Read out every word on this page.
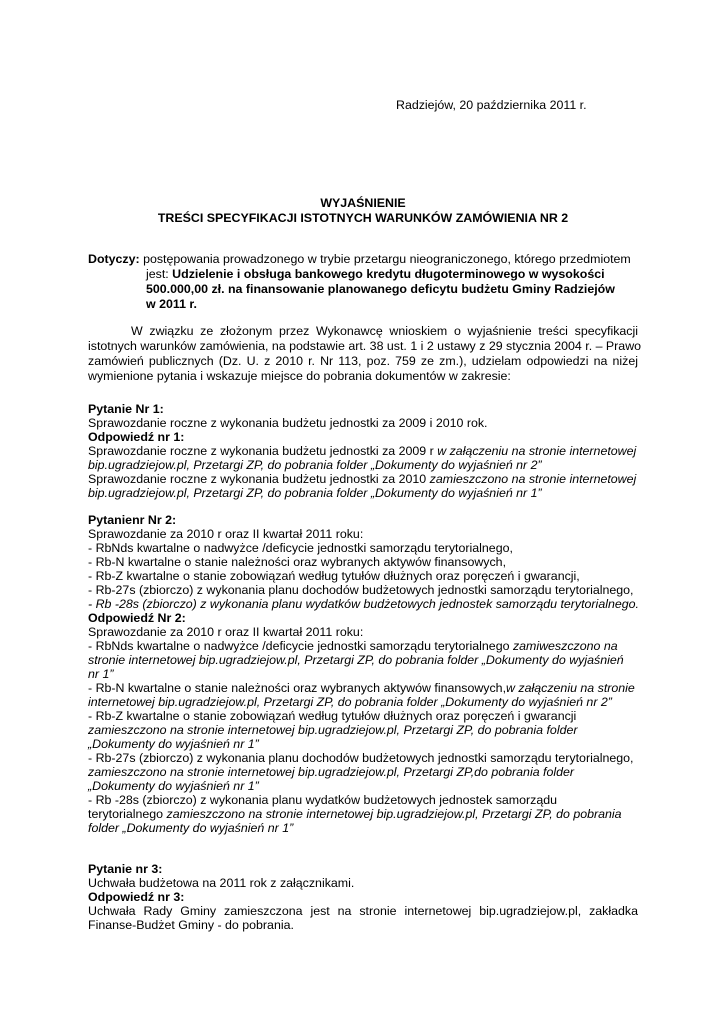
Radziejów, 20 października 2011 r.
WYJAŚNIENIE
TREŚCI SPECYFIKACJI ISTOTNYCH WARUNKÓW ZAMÓWIENIA NR 2
Dotyczy: postępowania prowadzonego w trybie przetargu nieograniczonego, którego przedmiotem
jest: Udzielenie i obsługa bankowego kredytu długoterminowego w wysokości
500.000,00 zł. na finansowanie planowanego deficytu budżetu Gminy Radziejów
w 2011 r.
W związku ze złożonym przez Wykonawcę wnioskiem o wyjaśnienie treści specyfikacji
istotnych warunków zamówienia, na podstawie art. 38 ust. 1 i 2 ustawy z 29 stycznia 2004 r. – Prawo
zamówień publicznych (Dz. U. z 2010 r. Nr 113, poz. 759 ze zm.), udzielam odpowiedzi na niżej
wymienione pytania i wskazuje miejsce do pobrania dokumentów w zakresie:
Pytanie Nr 1:
Sprawozdanie roczne z wykonania budżetu jednostki za 2009 i 2010 rok.
Odpowiedź nr 1:
Sprawozdanie roczne z wykonania budżetu jednostki za 2009 r w załączeniu na stronie internetowej
bip.ugradziejow.pl, Przetargi ZP, do pobrania folder „Dokumenty do wyjaśnień nr 2”
Sprawozdanie roczne z wykonania budżetu jednostki za 2010 zamieszczono na stronie internetowej
bip.ugradziejow.pl, Przetargi ZP, do pobrania folder „Dokumenty do wyjaśnień nr 1”
Pytanienr Nr 2:
Sprawozdanie za 2010 r oraz II kwartał 2011 roku:
- RbNds kwartalne o nadwyżce /deficycie jednostki samorządu terytorialnego,
- Rb-N kwartalne o stanie należności oraz wybranych aktywów finansowych,
- Rb-Z kwartalne o stanie zobowiązań według tytułów dłużnych oraz poręczeń i gwarancji,
- Rb-27s (zbiorczo) z wykonania planu dochodów budżetowych jednostki samorządu terytorialnego,
- Rb -28s (zbiorczo) z wykonania planu wydatków budżetowych jednostek samorządu terytorialnego.
Odpowiedź Nr 2:
Sprawozdanie za 2010 r oraz II kwartał 2011 roku:
- RbNds kwartalne o nadwyżce /deficycie jednostki samorządu terytorialnego zamiweszczono na
stronie internetowej bip.ugradziejow.pl, Przetargi ZP, do pobrania folder „Dokumenty do wyjaśnień
nr 1”
- Rb-N kwartalne o stanie należności oraz wybranych aktywów finansowych,w załączeniu na stronie
internetowej bip.ugradziejow.pl, Przetargi ZP, do pobrania folder „Dokumenty do wyjaśnień nr 2”
- Rb-Z kwartalne o stanie zobowiązań według tytułów dłużnych oraz poręczeń i gwarancji
zamieszczono na stronie internetowej bip.ugradziejow.pl, Przetargi ZP, do pobrania folder
„Dokumenty do wyjaśnień nr 1”
- Rb-27s (zbiorczo) z wykonania planu dochodów budżetowych jednostki samorządu terytorialnego,
zamieszczono na stronie internetowej bip.ugradziejow.pl, Przetargi ZP,do pobrania folder
„Dokumenty do wyjaśnień nr 1”
- Rb -28s (zbiorczo) z wykonania planu wydatków budżetowych jednostek samorządu
terytorialnego zamieszczono na stronie internetowej bip.ugradziejow.pl, Przetargi ZP, do pobrania
folder „Dokumenty do wyjaśnień nr 1”
Pytanie nr 3:
Uchwała budżetowa na 2011 rok z załącznikami.
Odpowiedź nr 3:
Uchwała Rady Gminy zamieszczona jest na stronie internetowej bip.ugradziejow.pl, zakładka
Finanse-Budżet Gminy - do pobrania.
